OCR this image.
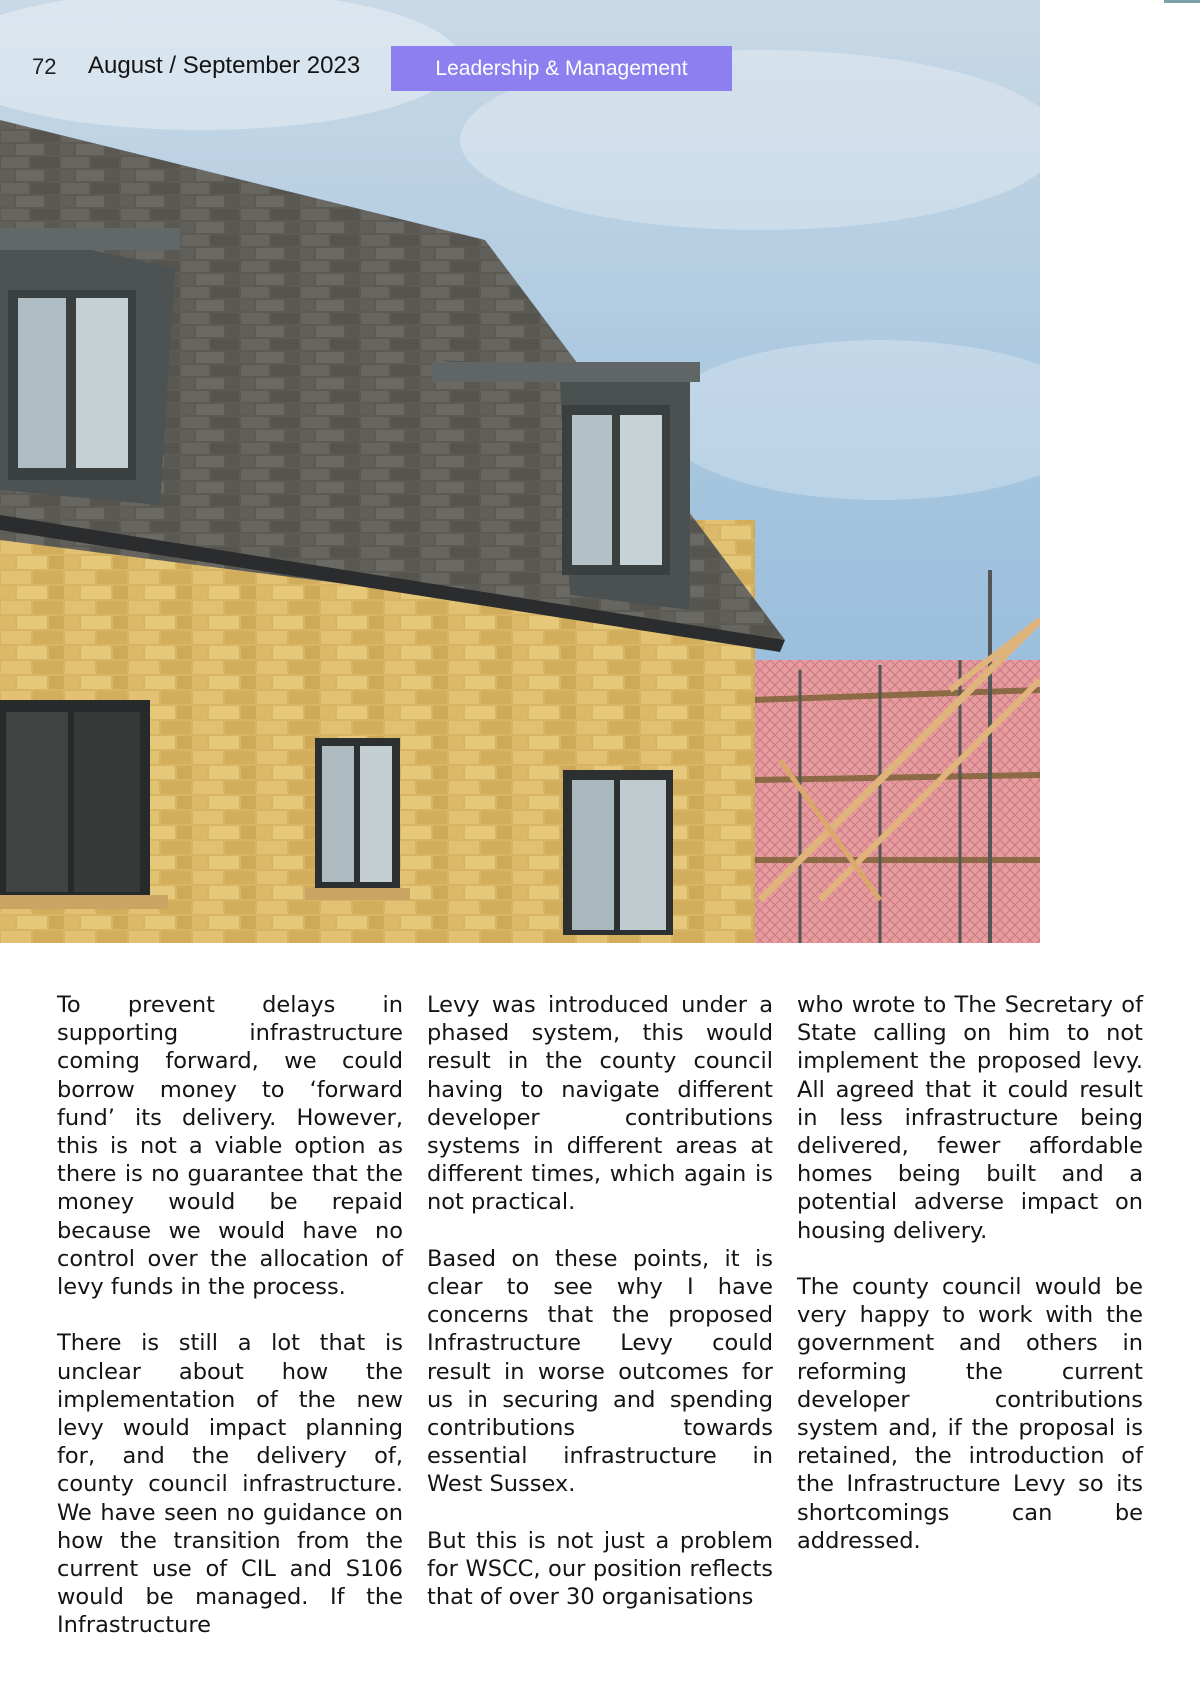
72 August / September 2023	Leadership & Management

To prevent delays in supporting infrastructure coming forward, we could borrow money to ‘forward fund’ its delivery. However, this is not a viable option as there is no guarantee that the money would be repaid because we would have no control over the allocation of levy funds in the process.

There is still a lot that is unclear about how the implementation of the new levy would impact planning for, and the delivery of, county council infrastructure. We have seen no guidance on how the transition from the current use of CIL and S106 would be managed. If the Infrastructure

Levy was introduced under a phased system, this would result in the county council having to navigate different developer contributions systems in different areas at different times, which again is not practical.

Based on these points, it is clear to see why I have concerns that the proposed Infrastructure Levy could result in worse outcomes for us in securing and spending contributions towards essential infrastructure in West Sussex.

But this is not just a problem for WSCC, our position reflects that of over 30 organisations

who wrote to The Secretary of State calling on him to not implement the proposed levy. All agreed that it could result in less infrastructure being delivered, fewer affordable homes being built and a potential adverse impact on housing delivery.

The county council would be very happy to work with the government and others in reforming the current developer contributions system and, if the proposal is retained, the introduction of the Infrastructure Levy so its shortcomings can be addressed.
